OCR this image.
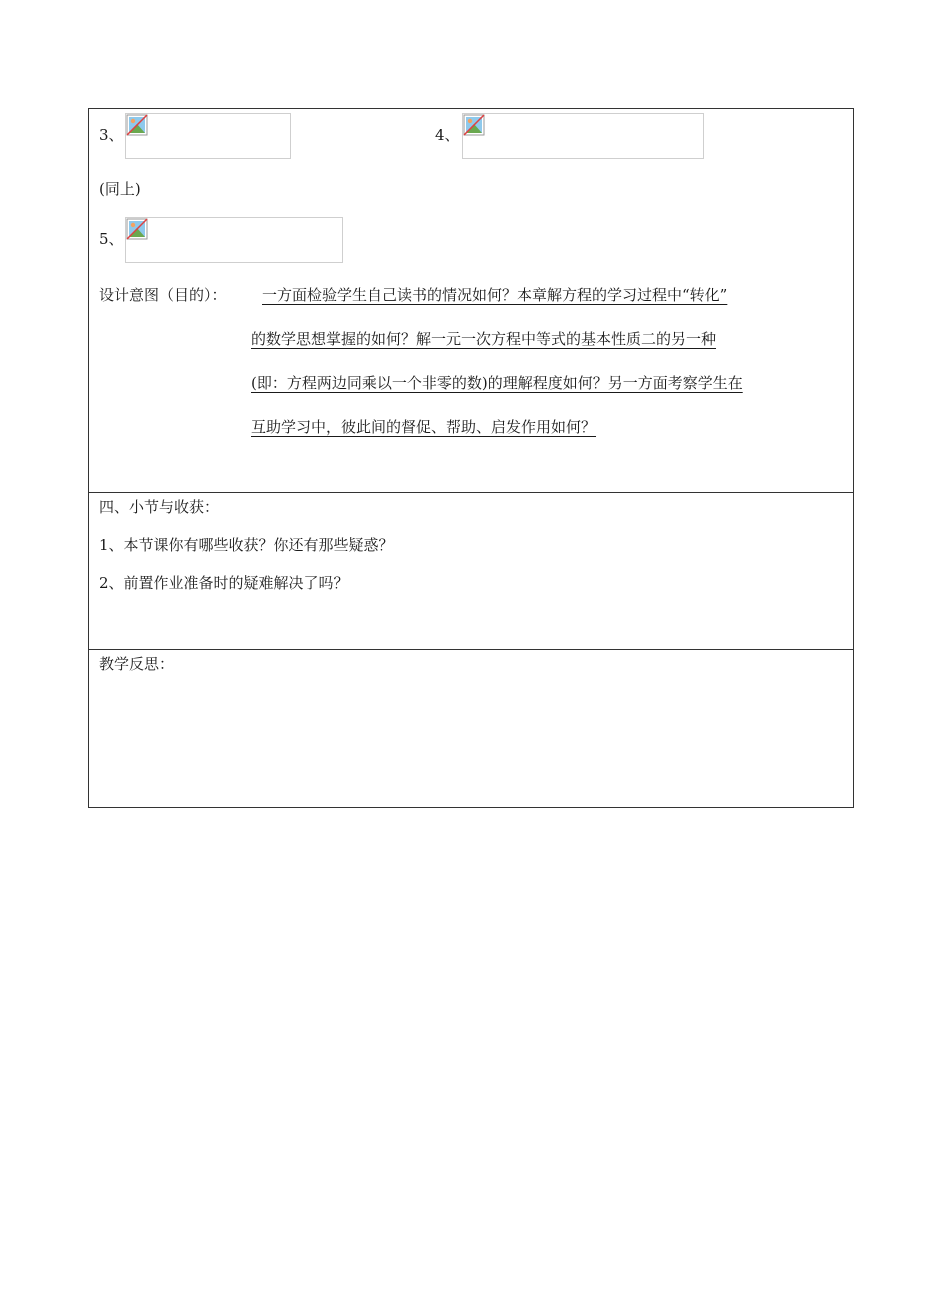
3、	4、
(同上)
5、
设计意图（目的）： 一方面检验学生自己读书的情况如何？本章解方程的学习过程中“转化”
的数学思想掌握的如何？解一元一次方程中等式的基本性质二的另一种
(即：方程两边同乘以一个非零的数)的理解程度如何？另一方面考察学生在
互助学习中，彼此间的督促、帮助、启发作用如何？
四、小节与收获：
1、本节课你有哪些收获？你还有那些疑惑？
2、前置作业准备时的疑难解决了吗？
教学反思：
